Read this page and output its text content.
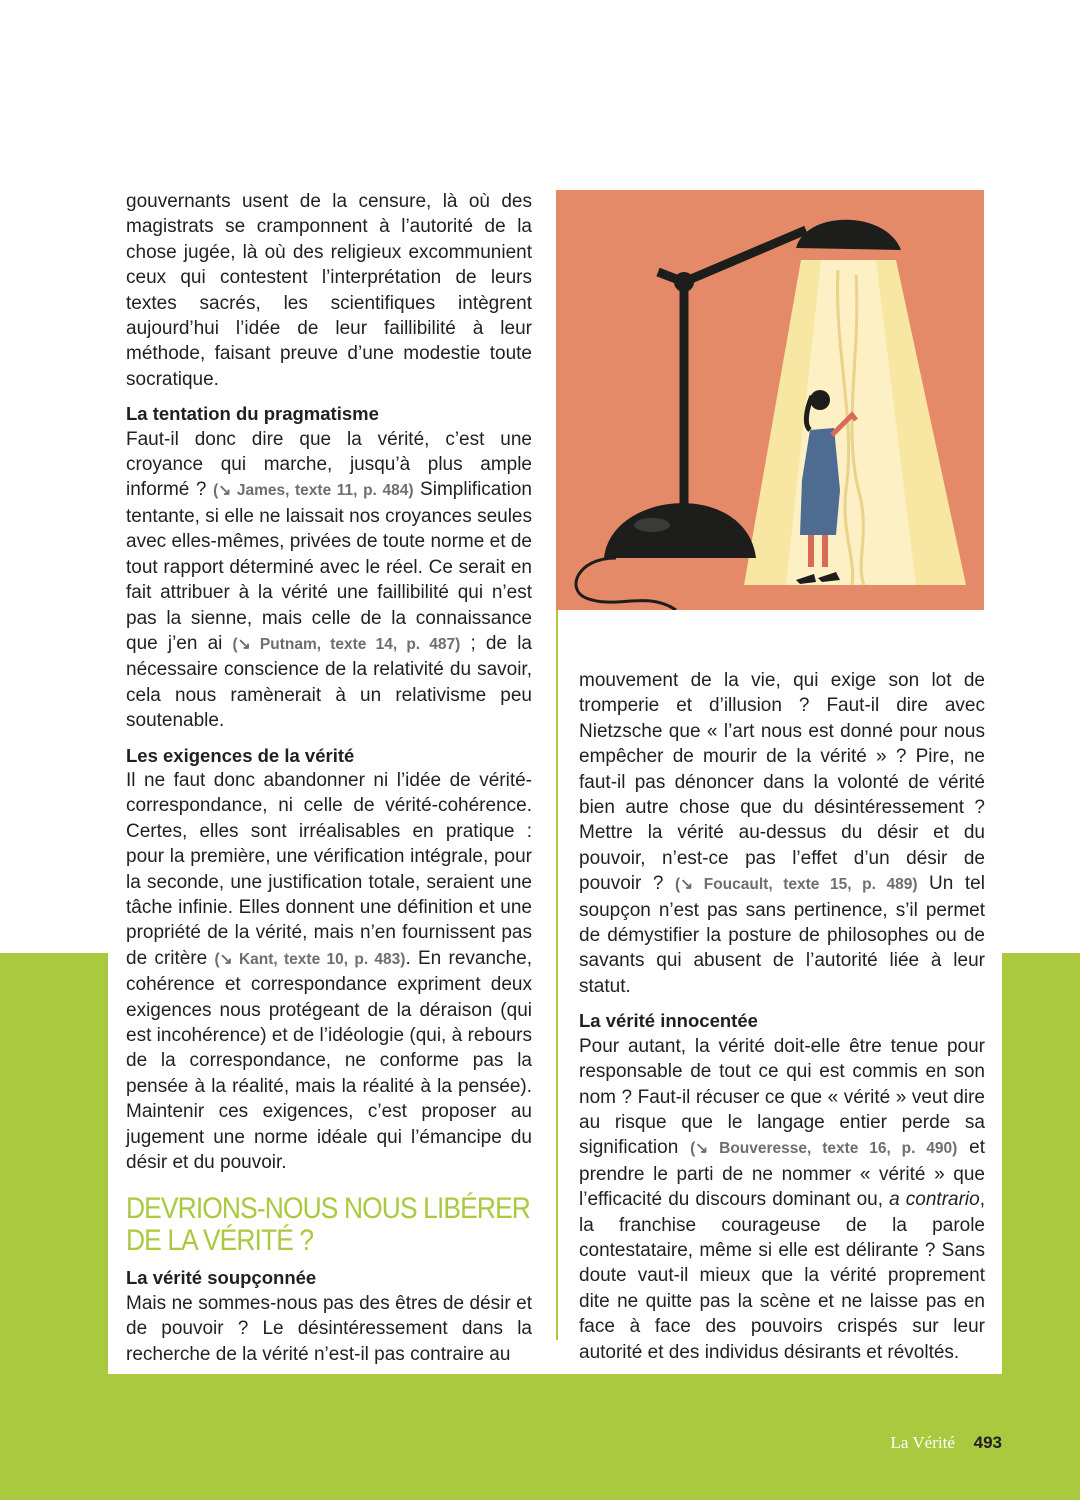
gouvernants usent de la censure, là où des magistrats se cramponnent à l’autorité de la chose jugée, là où des religieux excommunient ceux qui contestent l’interprétation de leurs textes sacrés, les scientifiques intègrent aujourd’hui l’idée de leur faillibilité à leur méthode, faisant preuve d’une modestie toute socratique.

La tentation du pragmatisme

Faut-il donc dire que la vérité, c’est une croyance qui marche, jusqu’à plus ample informé ? (↘ James, texte 11, p. 484) Simplification tentante, si elle ne laissait nos croyances seules avec elles-mêmes, privées de toute norme et de tout rapport déterminé avec le réel. Ce serait en fait attribuer à la vérité une faillibilité qui n’est pas la sienne, mais celle de la connaissance que j’en ai (↘ Putnam, texte 14, p. 487) ; de la nécessaire conscience de la relativité du savoir, cela nous ramènerait à un relativisme peu soutenable.

Les exigences de la vérité

Il ne faut donc abandonner ni l’idée de vérité-correspondance, ni celle de vérité-cohérence. Certes, elles sont irréalisables en pratique : pour la première, une vérification intégrale, pour la seconde, une justification totale, seraient une tâche infinie. Elles donnent une définition et une propriété de la vérité, mais n’en fournissent pas de critère (↘ Kant, texte 10, p. 483). En revanche, cohérence et correspondance expriment deux exigences nous protégeant de la déraison (qui est incohérence) et de l’idéologie (qui, à rebours de la correspondance, ne conforme pas la pensée à la réalité, mais la réalité à la pensée). Maintenir ces exigences, c’est proposer au jugement une norme idéale qui l’émancipe du désir et du pouvoir.

DEVRIONS-NOUS NOUS LIBÉRER
DE LA VÉRITÉ ?
La vérité soupçonnée

Mais ne sommes-nous pas des êtres de désir et de pouvoir ? Le désintéressement dans la recherche de la vérité n’est-il pas contraire au

mouvement de la vie, qui exige son lot de tromperie et d’illusion ? Faut-il dire avec Nietzsche que « l’art nous est donné pour nous empêcher de mourir de la vérité » ? Pire, ne faut-il pas dénoncer dans la volonté de vérité bien autre chose que du désintéressement ? Mettre la vérité au-dessus du désir et du pouvoir, n’est-ce pas l’effet d’un désir de pouvoir ? (↘ Foucault, texte 15, p. 489) Un tel soupçon n’est pas sans pertinence, s’il permet de démystifier la posture de philosophes ou de savants qui abusent de l’autorité liée à leur statut.

La vérité innocentée

Pour autant, la vérité doit-elle être tenue pour responsable de tout ce qui est commis en son nom ? Faut-il récuser ce que « vérité » veut dire au risque que le langage entier perde sa signification (↘ Bouveresse, texte 16, p. 490) et prendre le parti de ne nommer « vérité » que l’efficacité du discours dominant ou, a contrario, la franchise courageuse de la parole contestataire, même si elle est délirante ? Sans doute vaut-il mieux que la vérité proprement dite ne quitte pas la scène et ne laisse pas en face à face des pouvoirs crispés sur leur autorité et des individus désirants et révoltés.

La Vérité 493
